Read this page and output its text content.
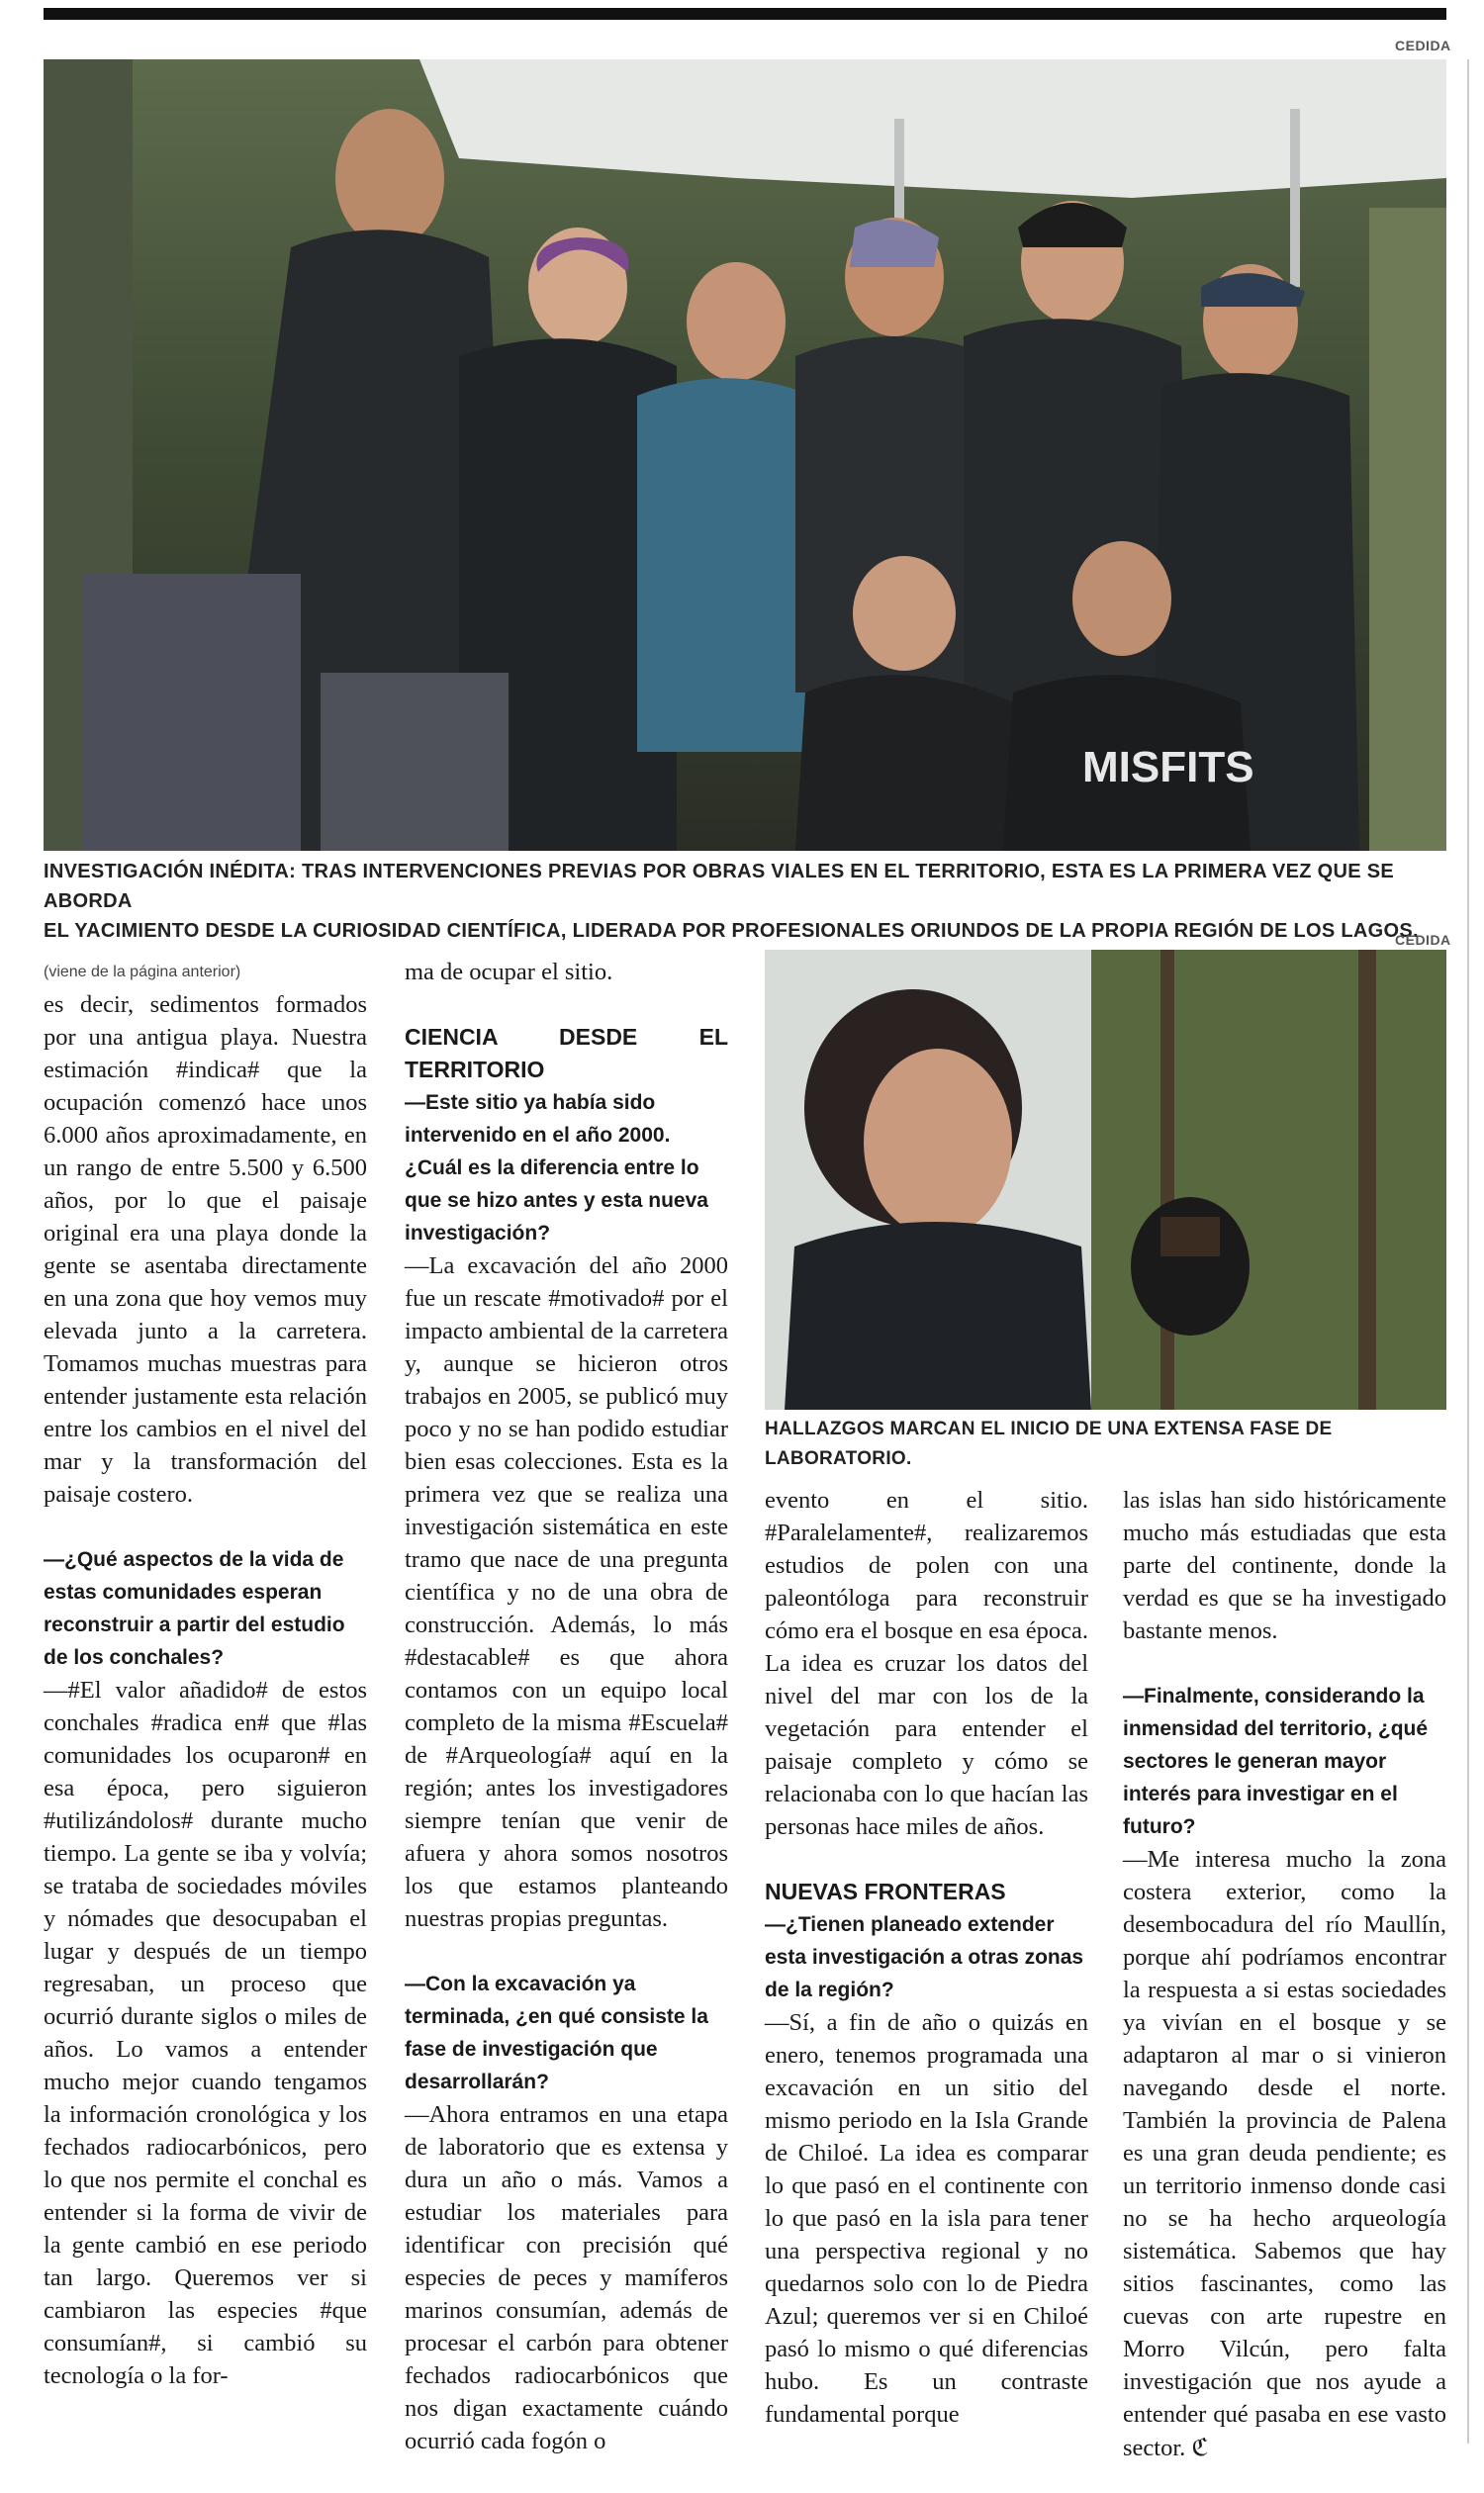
CEDIDA
MISFITS
INVESTIGACIÓN INÉDITA: TRAS INTERVENCIONES PREVIAS POR OBRAS VIALES EN EL TERRITORIO, ESTA ES LA PRIMERA VEZ QUE SE ABORDA
EL YACIMIENTO DESDE LA CURIOSIDAD CIENTÍFICA, LIDERADA POR PROFESIONALES ORIUNDOS DE LA PROPIA REGIÓN DE LOS LAGOS.
CEDIDA
HALLAZGOS MARCAN EL INICIO DE UNA EXTENSA FASE DE LABORATORIO.
(viene de la página anterior)

es decir, sedimentos formados por una antigua playa. Nuestra estimación #indica# que la ocupación comenzó hace unos 6.000 años aproximadamente, en un rango de entre 5.500 y 6.500 años, por lo que el paisaje original era una playa donde la gente se asentaba directamente en una zona que hoy vemos muy elevada junto a la carretera. Tomamos muchas muestras para entender justamente esta relación entre los cambios en el nivel del mar y la transformación del paisaje costero.

—¿Qué aspectos de la vida de estas comunidades esperan reconstruir a partir del estudio de los conchales?

—#El valor añadido# de estos conchales #radica en# que #las comunidades los ocuparon# en esa época, pero siguieron #utilizándolos# durante mucho tiempo. La gente se iba y volvía; se trataba de sociedades móviles y nómades que desocupaban el lugar y después de un tiempo regresaban, un proceso que ocurrió durante siglos o miles de años. Lo vamos a entender mucho mejor cuando tengamos la información cronológica y los fechados radiocarbónicos, pero lo que nos permite el conchal es entender si la forma de vivir de la gente cambió en ese periodo tan largo. Queremos ver si cambiaron las especies #que consumían#, si cambió su tecnología o la for-

ma de ocupar el sitio.

CIENCIA DESDE EL TERRITORIO

—Este sitio ya había sido intervenido en el año 2000. ¿Cuál es la diferencia entre lo que se hizo antes y esta nueva investigación?

—La excavación del año 2000 fue un rescate #motivado# por el impacto ambiental de la carretera y, aunque se hicieron otros trabajos en 2005, se publicó muy poco y no se han podido estudiar bien esas colecciones. Esta es la primera vez que se realiza una investigación sistemática en este tramo que nace de una pregunta científica y no de una obra de construcción. Además, lo más #destacable# es que ahora contamos con un equipo local completo de la misma #Escuela# de #Arqueología# aquí en la región; antes los investigadores siempre tenían que venir de afuera y ahora somos nosotros los que estamos planteando nuestras propias preguntas.

—Con la excavación ya terminada, ¿en qué consiste la fase de investigación que desarrollarán?

—Ahora entramos en una etapa de laboratorio que es extensa y dura un año o más. Vamos a estudiar los materiales para identificar con precisión qué especies de peces y mamíferos marinos consumían, además de procesar el carbón para obtener fechados radiocarbónicos que nos digan exactamente cuándo ocurrió cada fogón o

evento en el sitio. #Paralelamente#, realizaremos estudios de polen con una paleontóloga para reconstruir cómo era el bosque en esa época. La idea es cruzar los datos del nivel del mar con los de la vegetación para entender el paisaje completo y cómo se relacionaba con lo que hacían las personas hace miles de años.

NUEVAS FRONTERAS

—¿Tienen planeado extender esta investigación a otras zonas de la región?

—Sí, a fin de año o quizás en enero, tenemos programada una excavación en un sitio del mismo periodo en la Isla Grande de Chiloé. La idea es comparar lo que pasó en el continente con lo que pasó en la isla para tener una perspectiva regional y no quedarnos solo con lo de Piedra Azul; queremos ver si en Chiloé pasó lo mismo o qué diferencias hubo. Es un contraste fundamental porque

las islas han sido históricamente mucho más estudiadas que esta parte del continente, donde la verdad es que se ha investigado bastante menos.

—Finalmente, considerando la inmensidad del territorio, ¿qué sectores le generan mayor interés para investigar en el futuro?

—Me interesa mucho la zona costera exterior, como la desembocadura del río Maullín, porque ahí podríamos encontrar la respuesta a si estas sociedades ya vivían en el bosque y se adaptaron al mar o si vinieron navegando desde el norte. También la provincia de Palena es una gran deuda pendiente; es un territorio inmenso donde casi no se ha hecho arqueología sistemática. Sabemos que hay sitios fascinantes, como las cuevas con arte rupestre en Morro Vilcún, pero falta investigación que nos ayude a entender qué pasaba en ese vasto sector. ℭ
